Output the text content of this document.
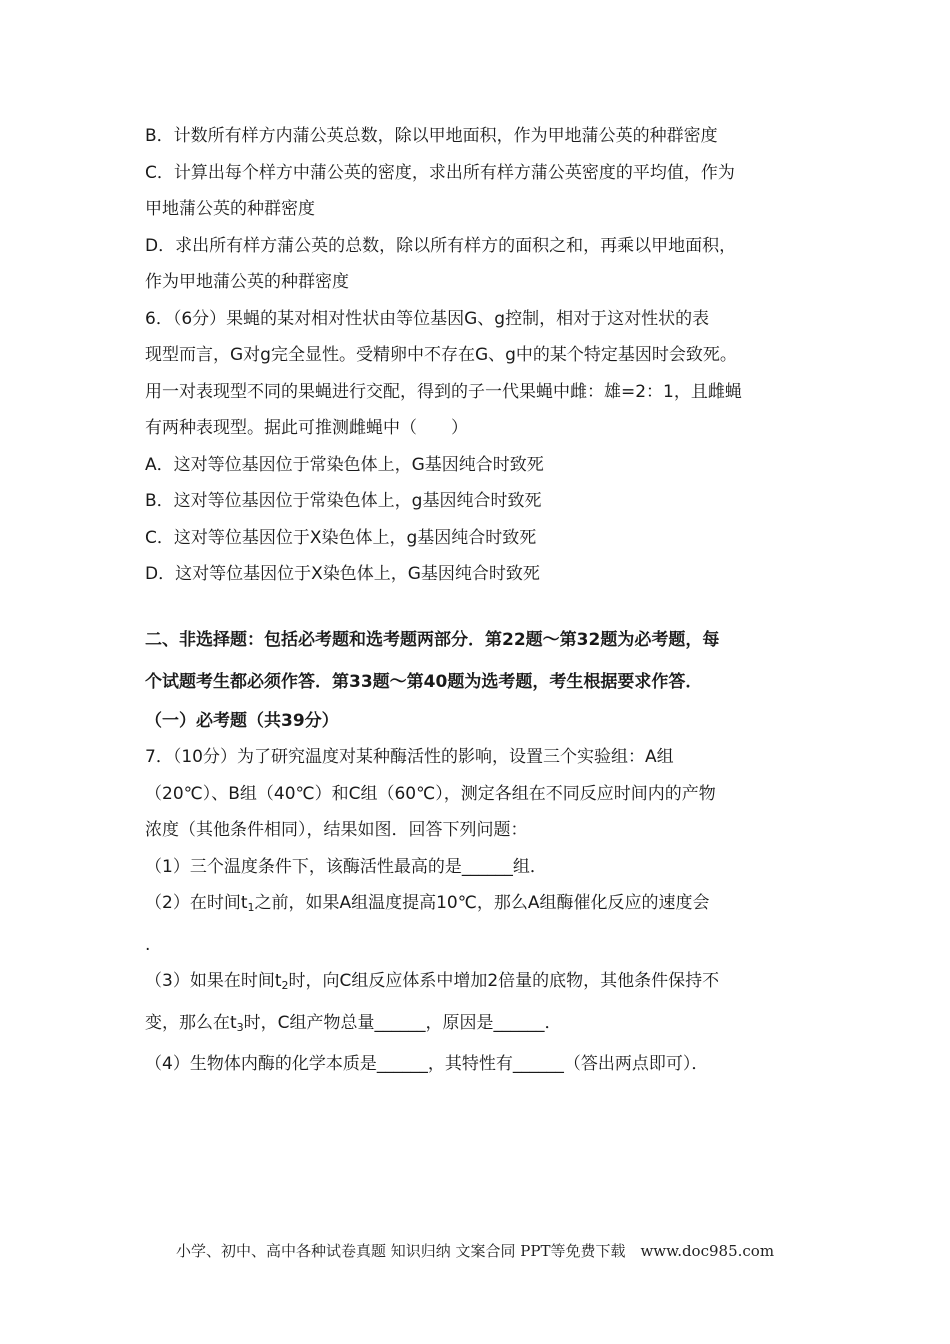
B．计数所有样方内蒲公英总数，除以甲地面积，作为甲地蒲公英的种群密度
C．计算出每个样方中蒲公英的密度，求出所有样方蒲公英密度的平均值，作为
甲地蒲公英的种群密度
D．求出所有样方蒲公英的总数，除以所有样方的面积之和，再乘以甲地面积，
作为甲地蒲公英的种群密度
6．（6分）果蝇的某对相对性状由等位基因G、g控制，相对于这对性状的表
现型而言，G对g完全显性。受精卵中不存在G、g中的某个特定基因时会致死。
用一对表现型不同的果蝇进行交配，得到的子一代果蝇中雌：雄=2：1，且雌蝇
有两种表现型。据此可推测雌蝇中（　　）
A．这对等位基因位于常染色体上，G基因纯合时致死
B．这对等位基因位于常染色体上，g基因纯合时致死
C．这对等位基因位于X染色体上，g基因纯合时致死
D．这对等位基因位于X染色体上，G基因纯合时致死
二、非选择题：包括必考题和选考题两部分．第22题～第32题为必考题，每
个试题考生都必须作答．第33题～第40题为选考题，考生根据要求作答．
（一）必考题（共39分）
7．（10分）为了研究温度对某种酶活性的影响，设置三个实验组：A组
（20℃）、B组（40℃）和C组（60℃），测定各组在不同反应时间内的产物
浓度（其他条件相同），结果如图．回答下列问题：
（1）三个温度条件下，该酶活性最高的是______组．
（2）在时间$t_1$之前，如果A组温度提高10℃，那么A组酶催化反应的速度会
.
（3）如果在时间$t_2$时，向C组反应体系中增加2倍量的底物，其他条件保持不
变，那么在$t_3$时，C组产物总量______，原因是______．
（4）生物体内酶的化学本质是______，其特性有______（答出两点即可）．
小学、初中、高中各种试卷真题 知识归纳 文案合同 PPT等免费下载　www.doc985.com
